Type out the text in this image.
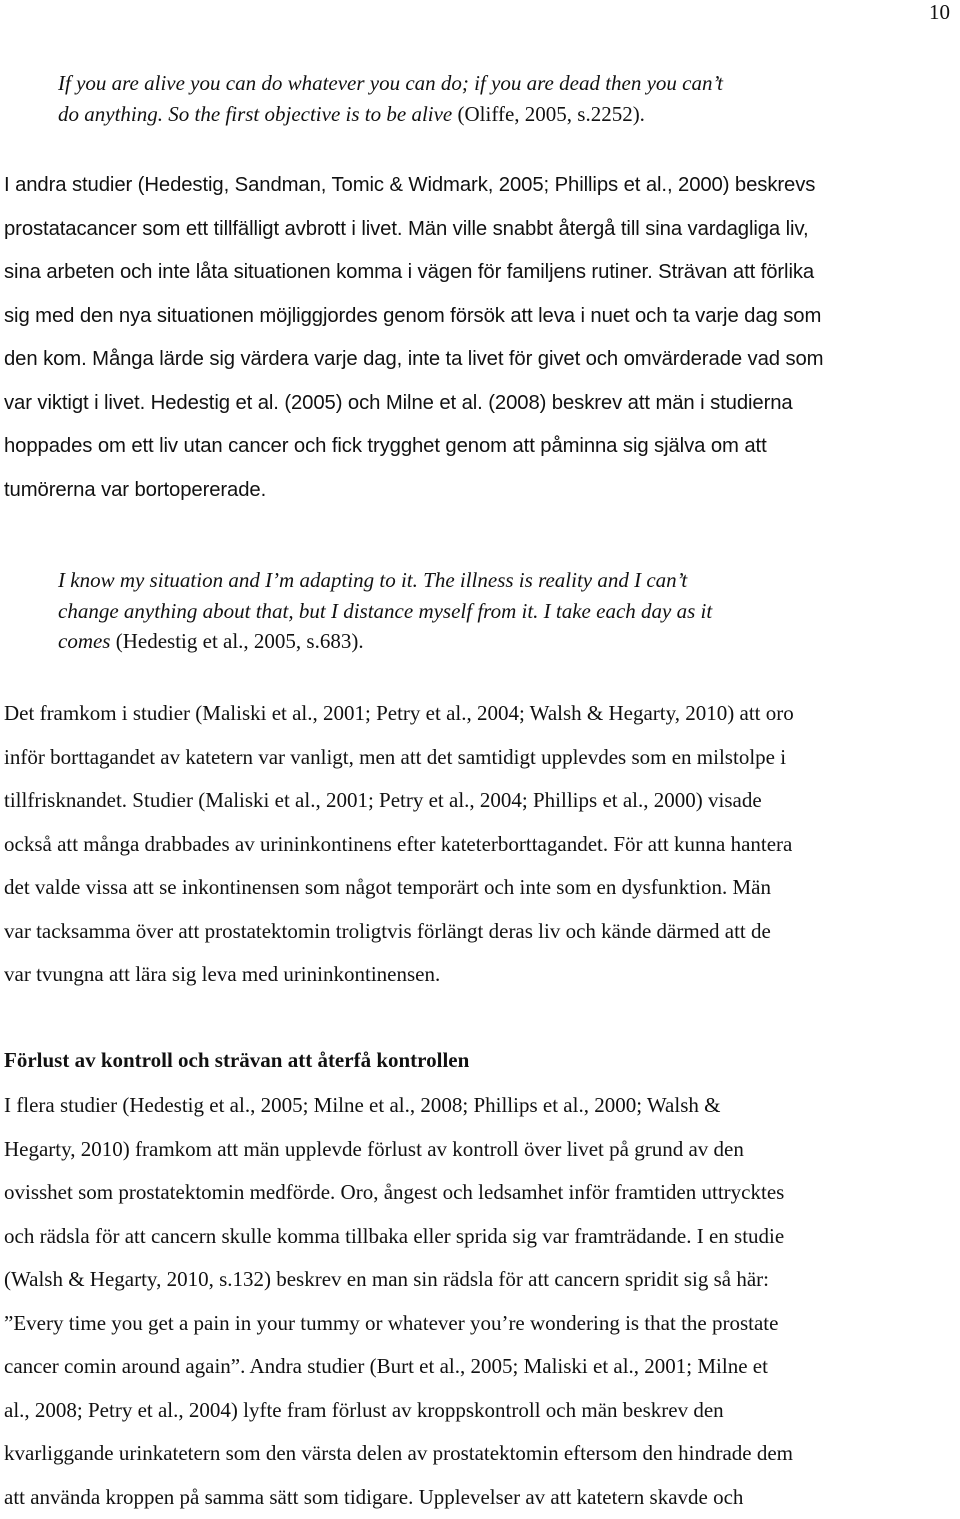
10
If you are alive you can do whatever you can do; if you are dead then you can’t
do anything. So the first objective is to be alive (Oliffe, 2005, s.2252).
I andra studier (Hedestig, Sandman, Tomic & Widmark, 2005; Phillips et al., 2000) beskrevs
prostatacancer som ett tillfälligt avbrott i livet. Män ville snabbt återgå till sina vardagliga liv,
sina arbeten och inte låta situationen komma i vägen för familjens rutiner. Strävan att förlika
sig med den nya situationen möjliggjordes genom försök att leva i nuet och ta varje dag som
den kom. Många lärde sig värdera varje dag, inte ta livet för givet och omvärderade vad som
var viktigt i livet. Hedestig et al. (2005) och Milne et al. (2008) beskrev att män i studierna
hoppades om ett liv utan cancer och fick trygghet genom att påminna sig själva om att
tumörerna var bortopererade.
I know my situation and I’m adapting to it. The illness is reality and I can’t
change anything about that, but I distance myself from it. I take each day as it
comes (Hedestig et al., 2005, s.683).
Det framkom i studier (Maliski et al., 2001; Petry et al., 2004; Walsh & Hegarty, 2010) att oro
inför borttagandet av katetern var vanligt, men att det samtidigt upplevdes som en milstolpe i
tillfrisknandet. Studier (Maliski et al., 2001; Petry et al., 2004; Phillips et al., 2000) visade
också att många drabbades av urininkontinens efter kateterborttagandet. För att kunna hantera
det valde vissa att se inkontinensen som något temporärt och inte som en dysfunktion. Män
var tacksamma över att prostatektomin troligtvis förlängt deras liv och kände därmed att de
var tvungna att lära sig leva med urininkontinensen.
Förlust av kontroll och strävan att återfå kontrollen
I flera studier (Hedestig et al., 2005; Milne et al., 2008; Phillips et al., 2000; Walsh &
Hegarty, 2010) framkom att män upplevde förlust av kontroll över livet på grund av den
ovisshet som prostatektomin medförde. Oro, ångest och ledsamhet inför framtiden uttrycktes
och rädsla för att cancern skulle komma tillbaka eller sprida sig var framträdande. I en studie
(Walsh & Hegarty, 2010, s.132) beskrev en man sin rädsla för att cancern spridit sig så här:
”Every time you get a pain in your tummy or whatever you’re wondering is that the prostate
cancer comin around again”. Andra studier (Burt et al., 2005; Maliski et al., 2001; Milne et
al., 2008; Petry et al., 2004) lyfte fram förlust av kroppskontroll och män beskrev den
kvarliggande urinkatetern som den värsta delen av prostatektomin eftersom den hindrade dem
att använda kroppen på samma sätt som tidigare. Upplevelser av att katetern skavde och
